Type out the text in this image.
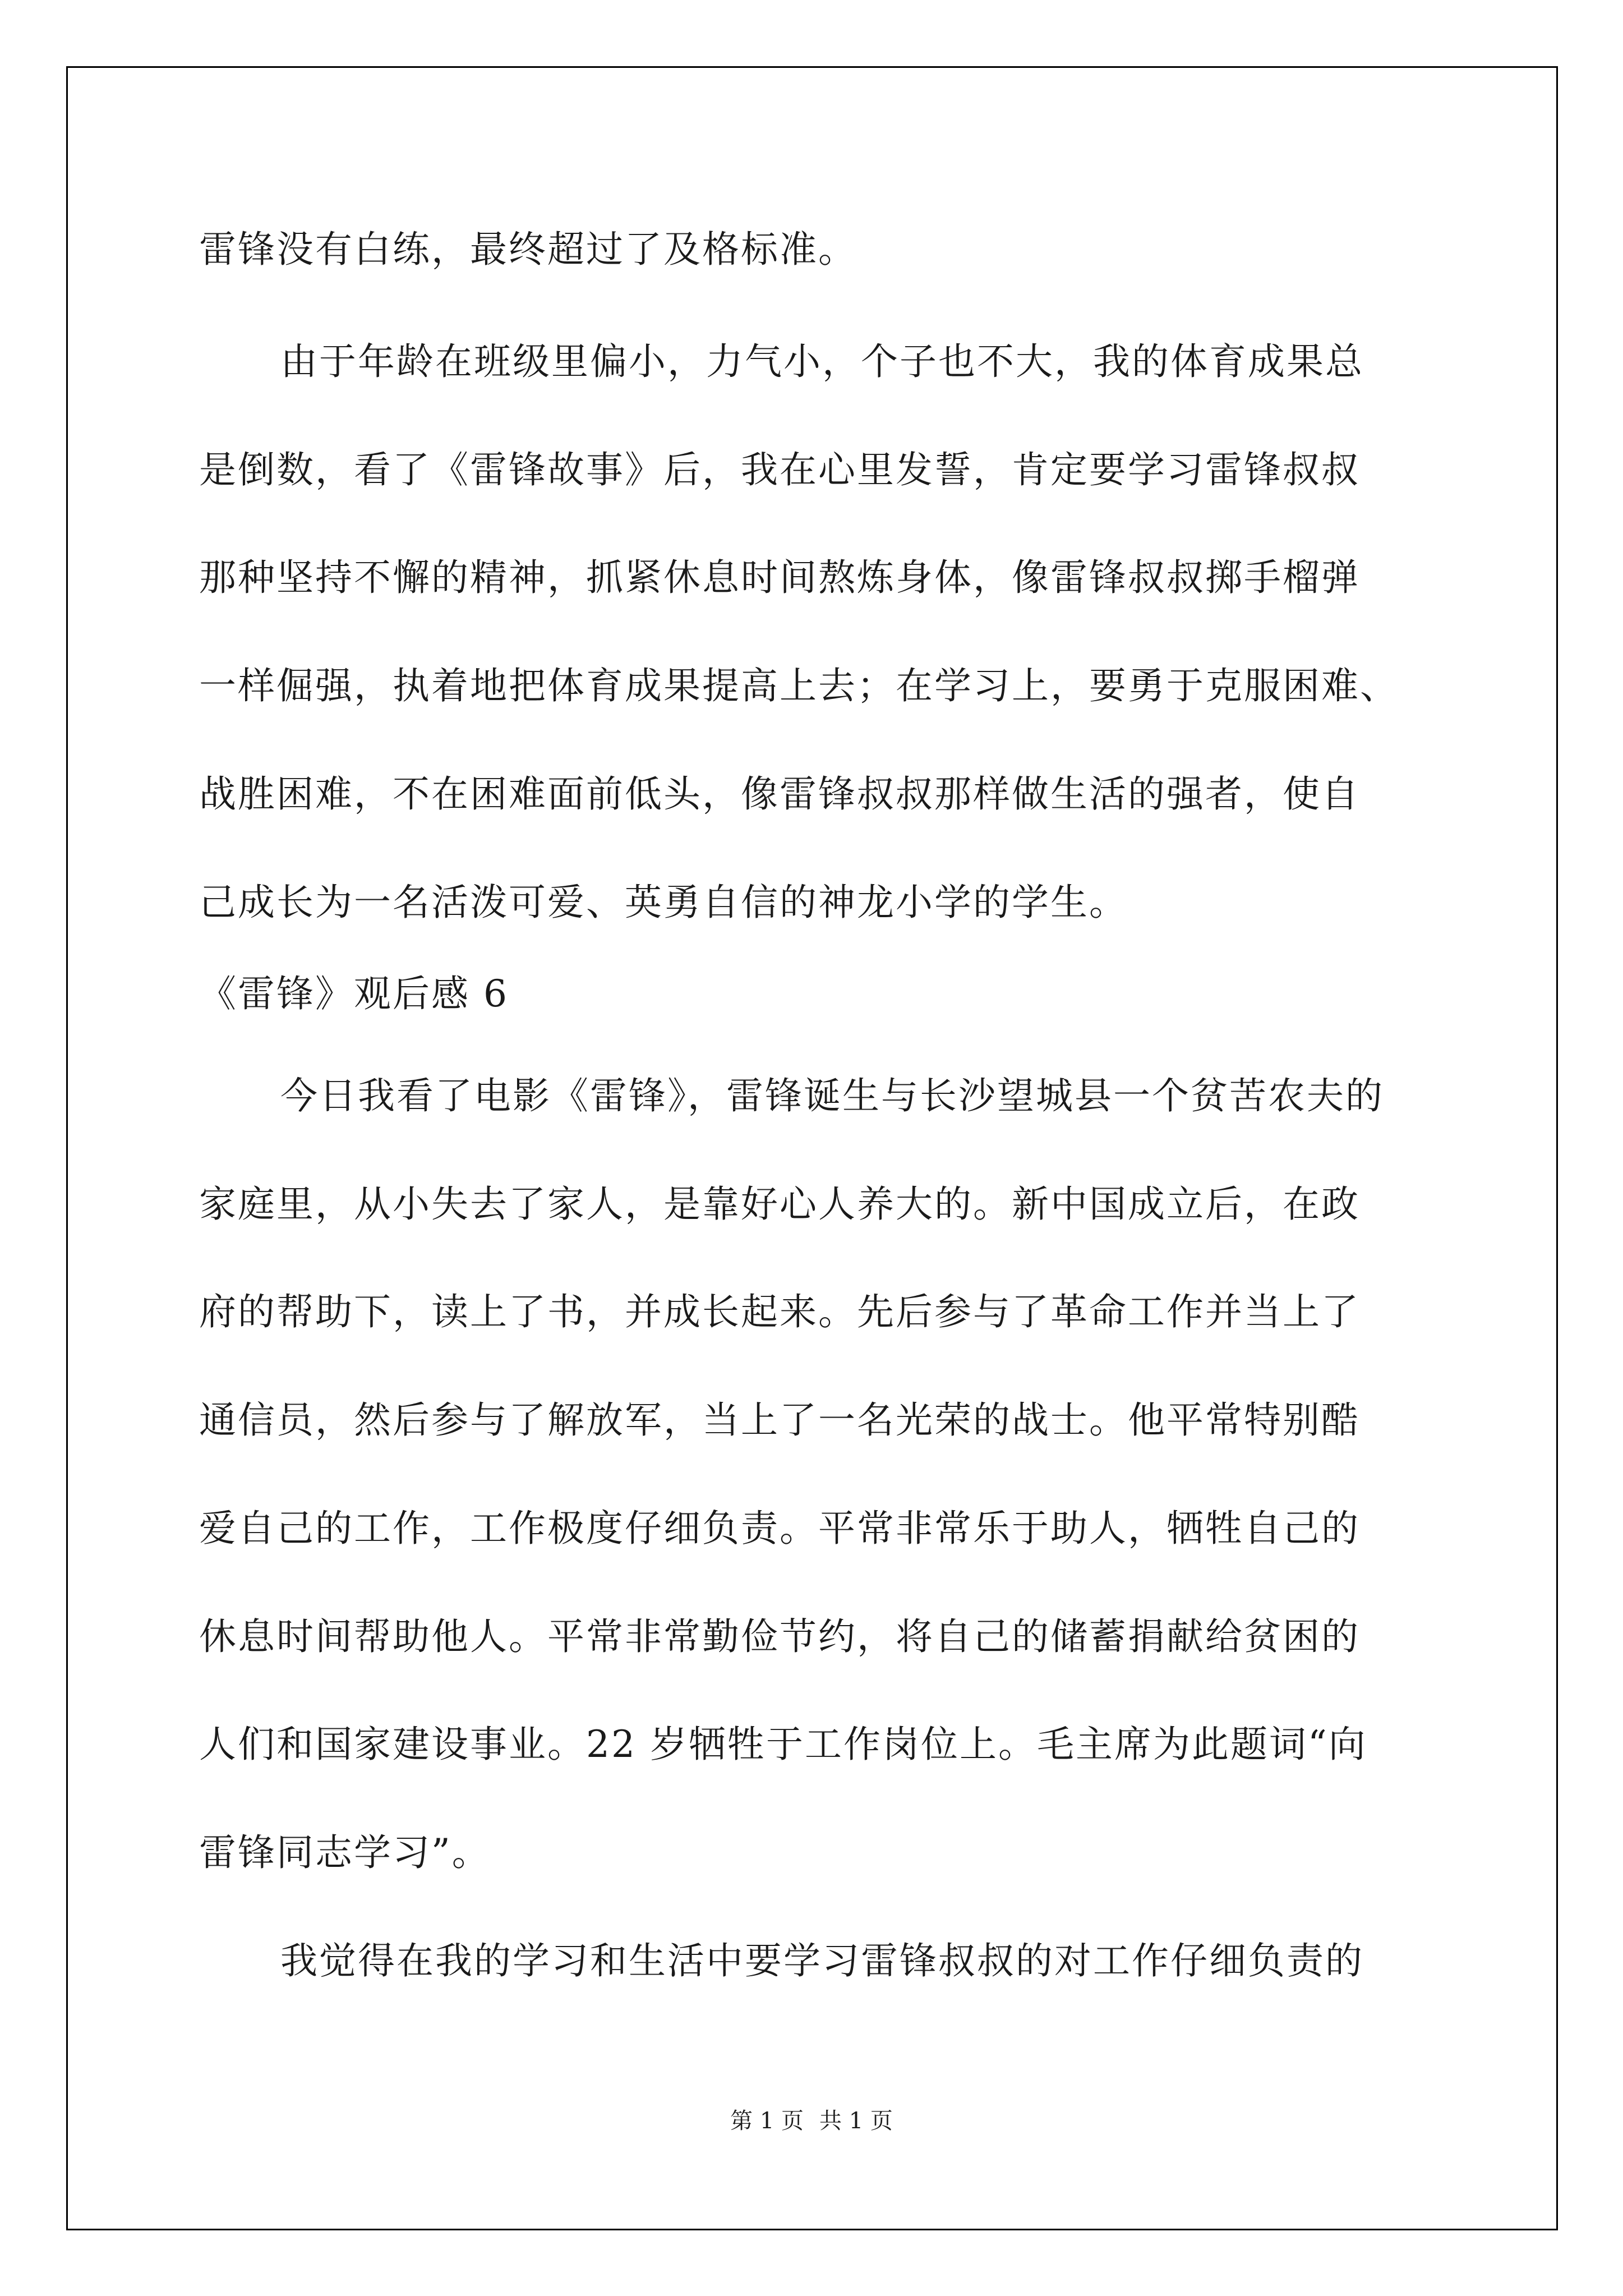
雷锋没有白练，最终超过了及格标准。
由于年龄在班级里偏小，力气小，个子也不大，我的体育成果总
是倒数，看了《雷锋故事》后，我在心里发誓，肯定要学习雷锋叔叔
那种坚持不懈的精神，抓紧休息时间熬炼身体，像雷锋叔叔掷手榴弹
一样倔强，执着地把体育成果提高上去；在学习上，要勇于克服困难、
战胜困难，不在困难面前低头，像雷锋叔叔那样做生活的强者，使自
己成长为一名活泼可爱、英勇自信的神龙小学的学生。
《雷锋》观后感 6
今日我看了电影《雷锋》，雷锋诞生与长沙望城县一个贫苦农夫的
家庭里，从小失去了家人，是靠好心人养大的。新中国成立后，在政
府的帮助下，读上了书，并成长起来。先后参与了革命工作并当上了
通信员，然后参与了解放军，当上了一名光荣的战士。他平常特别酷
爱自己的工作，工作极度仔细负责。平常非常乐于助人，牺牲自己的
休息时间帮助他人。平常非常勤俭节约，将自己的储蓄捐献给贫困的
人们和国家建设事业。22 岁牺牲于工作岗位上。毛主席为此题词“向
雷锋同志学习”。
我觉得在我的学习和生活中要学习雷锋叔叔的对工作仔细负责的
第 1 页 共 1 页
